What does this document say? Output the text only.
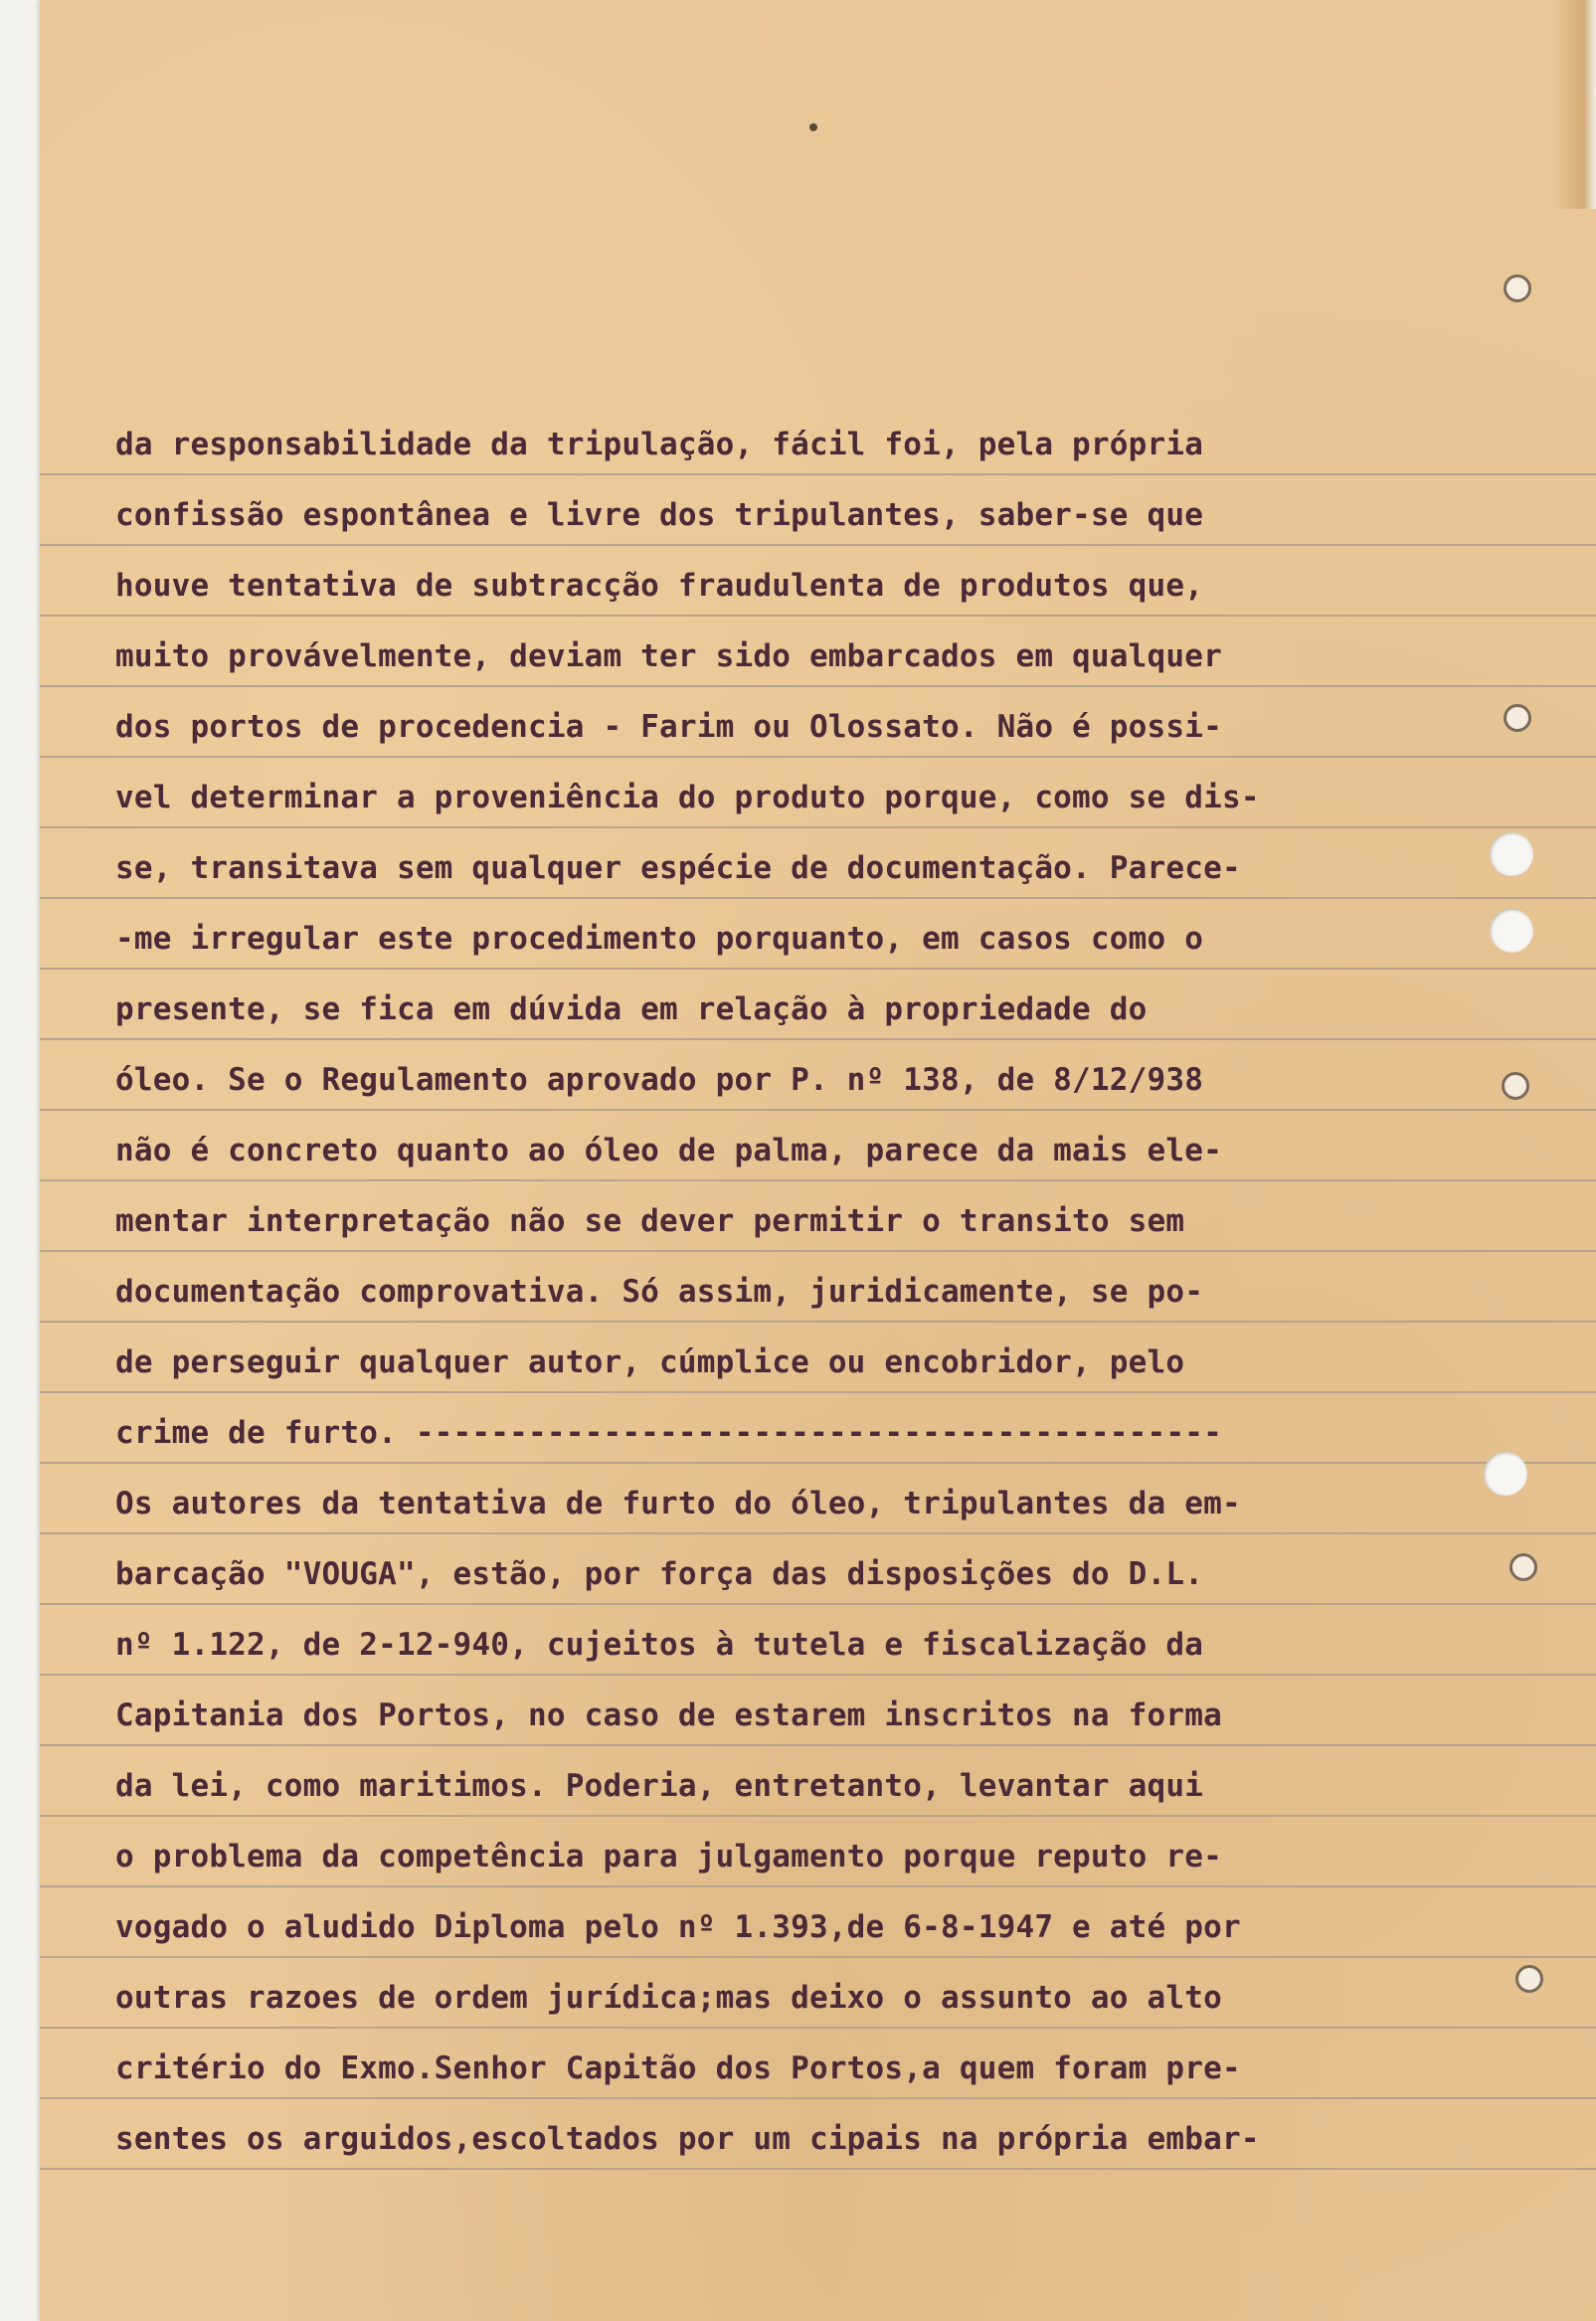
da responsabilidade da tripulação, fácil foi, pela própria

confissão espontânea e livre dos tripulantes, saber-se que

houve tentativa de subtracção fraudulenta de produtos que,

muito provávelmente, deviam ter sido embarcados em qualquer

dos portos de procedencia - Farim ou Olossato. Não é possi-

vel determinar a proveniência do produto porque, como se dis-

se, transitava sem qualquer espécie de documentação. Parece-

-me irregular este procedimento porquanto, em casos como o

presente, se fica em dúvida em relação à propriedade do

óleo. Se o Regulamento aprovado por P. nº 138, de 8/12/938

não é concreto quanto ao óleo de palma, parece da mais ele-

mentar interpretação não se dever permitir o transito sem

documentação comprovativa. Só assim, juridicamente, se po-

de perseguir qualquer autor, cúmplice ou encobridor, pelo

crime de furto. -------------------------------------------

Os autores da tentativa de furto do óleo, tripulantes da em-

barcação "VOUGA", estão, por força das disposições do D.L.

nº 1.122, de 2-12-940, cujeitos à tutela e fiscalização da

Capitania dos Portos, no caso de estarem inscritos na forma

da lei, como maritimos. Poderia, entretanto, levantar aqui

o problema da competência para julgamento porque reputo re-

vogado o aludido Diploma pelo nº 1.393,de 6-8-1947 e até por

outras razoes de ordem jurídica;mas deixo o assunto ao alto

critério do Exmo.Senhor Capitão dos Portos,a quem foram pre-

sentes os arguidos,escoltados por um cipais na própria embar-
